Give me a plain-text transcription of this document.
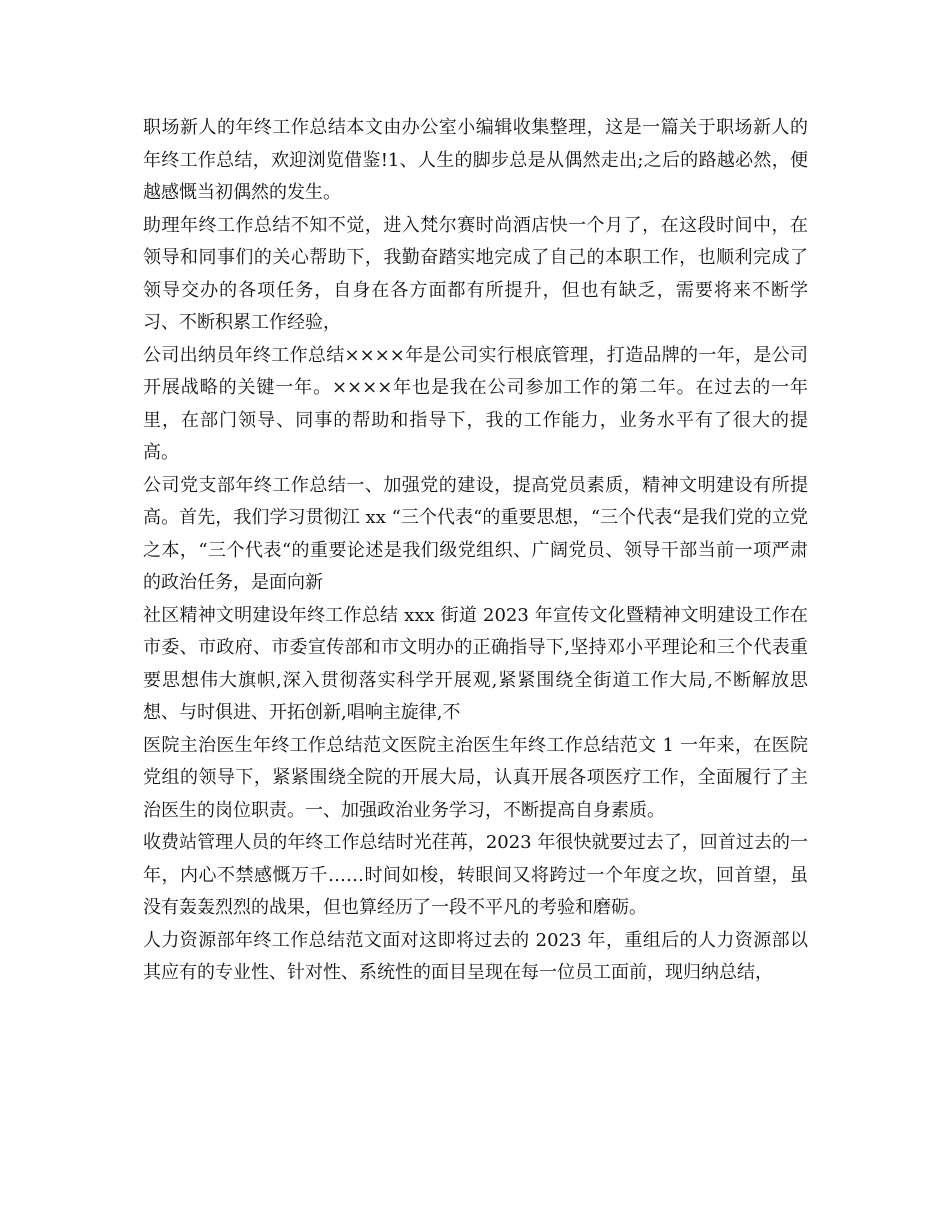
职场新人的年终工作总结本文由办公室小编辑收集整理，这是一篇关于职场新人的年终工作总结，欢迎浏览借鉴!1、人生的脚步总是从偶然走出;之后的路越必然，便越感慨当初偶然的发生。

助理年终工作总结不知不觉，进入梵尔赛时尚酒店快一个月了，在这段时间中，在领导和同事们的关心帮助下，我勤奋踏实地完成了自己的本职工作，也顺利完成了领导交办的各项任务，自身在各方面都有所提升，但也有缺乏，需要将来不断学习、不断积累工作经验，

公司出纳员年终工作总结××××年是公司实行根底管理，打造品牌的一年，是公司开展战略的关键一年。××××年也是我在公司参加工作的第二年。在过去的一年里，在部门领导、同事的帮助和指导下，我的工作能力，业务水平有了很大的提高。

公司党支部年终工作总结一、加强党的建设，提高党员素质，精神文明建设有所提高。首先，我们学习贯彻江 xx “三个代表“的重要思想，“三个代表“是我们党的立党之本，“三个代表“的重要论述是我们级党组织、广阔党员、领导干部当前一项严肃的政治任务，是面向新

社区精神文明建设年终工作总结 xxx 街道 2023 年宣传文化暨精神文明建设工作在市委、市政府、市委宣传部和市文明办的正确指导下,坚持邓小平理论和三个代表重要思想伟大旗帜,深入贯彻落实科学开展观,紧紧围绕全街道工作大局,不断解放思想、与时俱进、开拓创新,唱响主旋律,不

医院主治医生年终工作总结范文医院主治医生年终工作总结范文 1 一年来，在医院党组的领导下，紧紧围绕全院的开展大局，认真开展各项医疗工作，全面履行了主治医生的岗位职责。一、加强政治业务学习，不断提高自身素质。

收费站管理人员的年终工作总结时光荏苒，2023 年很快就要过去了，回首过去的一年，内心不禁感慨万千……时间如梭，转眼间又将跨过一个年度之坎，回首望，虽没有轰轰烈烈的战果，但也算经历了一段不平凡的考验和磨砺。

人力资源部年终工作总结范文面对这即将过去的 2023 年，重组后的人力资源部以其应有的专业性、针对性、系统性的面目呈现在每一位员工面前，现归纳总结，
